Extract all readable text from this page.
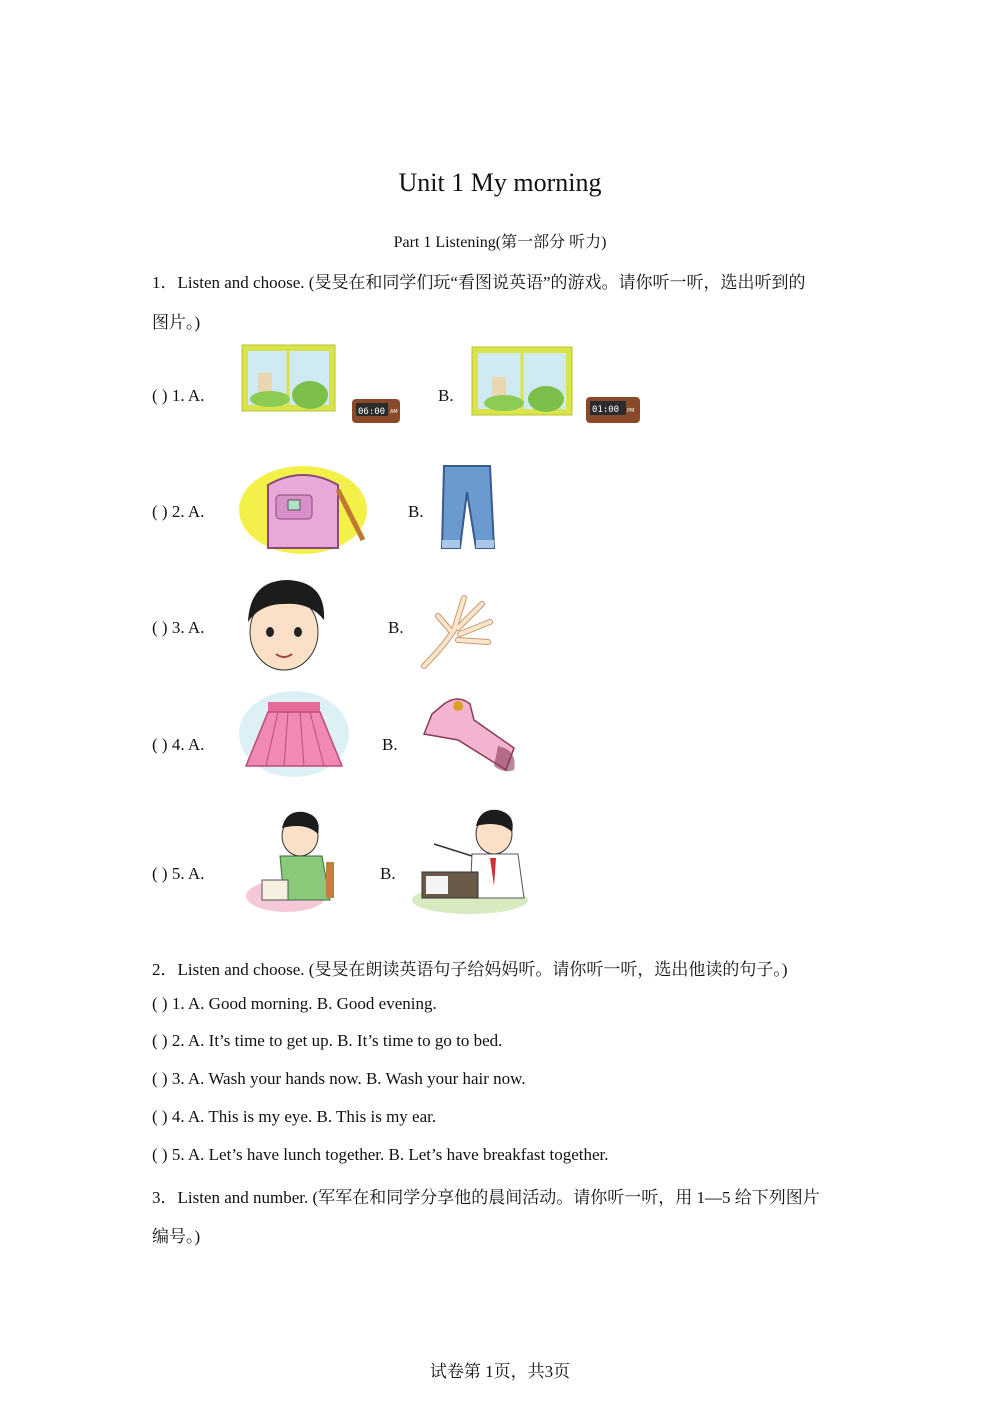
Unit 1 My morning
Part 1 Listening(第一部分 听力)
1．Listen and choose. (旻旻在和同学们玩“看图说英语”的游戏。请你听一听，选出听到的
图片。)
( ) 1. A.
06:00 AM
B.
01:00 PM
( ) 2. A.	B.
( ) 3. A.	B.
( ) 4. A.	B.
( ) 5. A.	B.
2．Listen and choose. (旻旻在朗读英语句子给妈妈听。请你听一听，选出他读的句子。)
( ) 1. A. Good morning. B. Good evening.
( ) 2. A. It’s time to get up. B. It’s time to go to bed.
( ) 3. A. Wash your hands now. B. Wash your hair now.
( ) 4. A. This is my eye. B. This is my ear.
( ) 5. A. Let’s have lunch together. B. Let’s have breakfast together.
3．Listen and number. (军军在和同学分享他的晨间活动。请你听一听，用 1—5 给下列图片
编号。)
试卷第 1页，共3页
